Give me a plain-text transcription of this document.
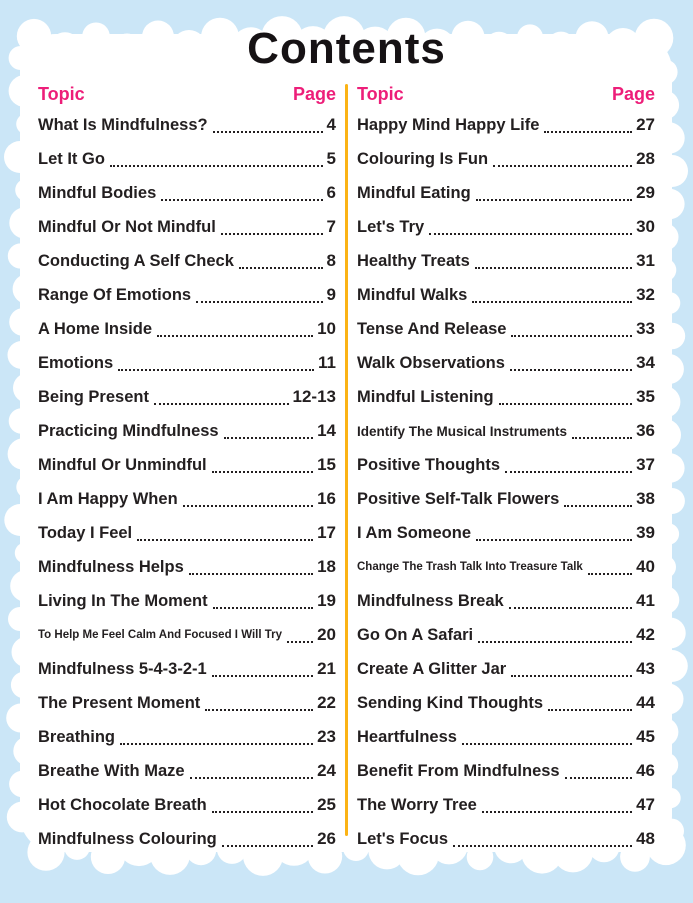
Contents
Topic	Page
What Is Mindfulness?	4
Let It Go	5
Mindful Bodies	6
Mindful Or Not Mindful	7
Conducting A Self Check	8
Range Of Emotions	9
A Home Inside	10
Emotions	11
Being Present	12-13
Practicing Mindfulness	14
Mindful Or Unmindful	15
I Am Happy When	16
Today I Feel	17
Mindfulness Helps	18
Living In The Moment	19
To Help Me Feel Calm And Focused I Will Try 20
Mindfulness 5-4-3-2-1	21
The Present Moment	22
Breathing	23
Breathe With Maze	24
Hot Chocolate Breath	25
Mindfulness Colouring	26
Topic	Page
Happy Mind Happy Life	27
Colouring Is Fun	28
Mindful Eating	29
Let's Try	30
Healthy Treats	31
Mindful Walks	32
Tense And Release	33
Walk Observations	34
Mindful Listening	35
Identify The Musical Instruments	36
Positive Thoughts	37
Positive Self-Talk Flowers	38
I Am Someone	39
Change The Trash Talk Into Treasure Talk	40
Mindfulness Break	41
Go On A Safari	42
Create A Glitter Jar	43
Sending Kind Thoughts	44
Heartfulness	45
Benefit From Mindfulness	46
The Worry Tree	47
Let's Focus	48
